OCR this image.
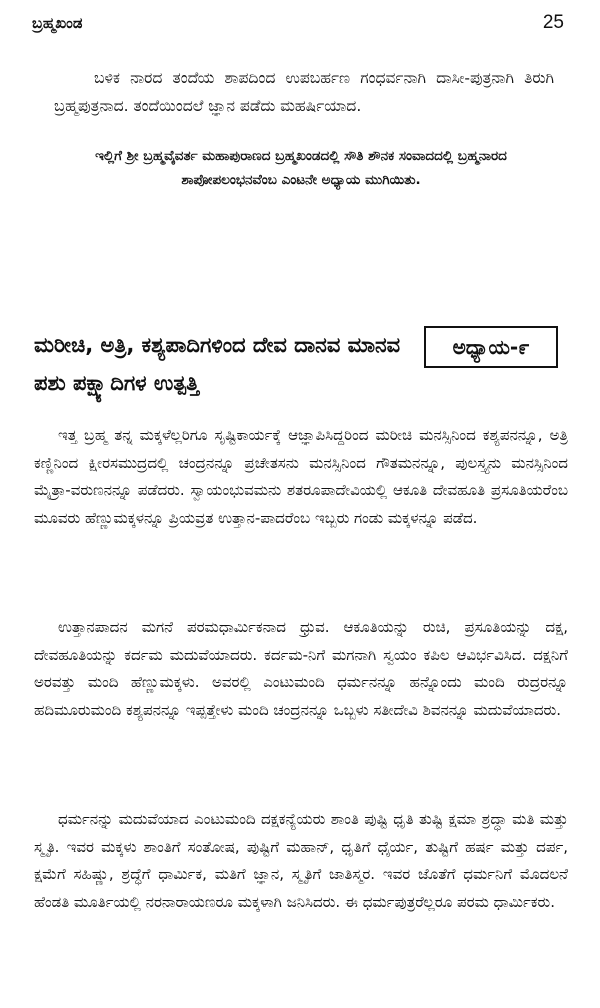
ಬ್ರಹ್ಮಖಂಡ	25

ಬಳಿಕ ನಾರದ ತಂದೆಯ ಶಾಪದಿಂದ ಉಪಬರ್ಹಣ ಗಂಧರ್ವನಾಗಿ ದಾಸೀ-ಪುತ್ರನಾಗಿ ತಿರುಗಿ ಬ್ರಹ್ಮಪುತ್ರನಾದ. ತಂದೆಯಿಂದಲೆ ಜ್ಞಾನ ಪಡೆದು ಮಹರ್ಷಿಯಾದ.

ಇಲ್ಲಿಗೆ ಶ್ರೀ ಬ್ರಹ್ಮವೈವರ್ತ ಮಹಾಪುರಾಣದ ಬ್ರಹ್ಮಖಂಡದಲ್ಲಿ ಸೌತಿ ಶೌನಕ ಸಂವಾದದಲ್ಲಿ ಬ್ರಹ್ಮನಾರದ ಶಾಪೋಪಲಂಭನವೆಂಬ ಎಂಟನೇ ಅಧ್ಯಾಯ ಮುಗಿಯಿತು.

ಮರೀಚಿ, ಅತ್ರಿ, ಕಶ್ಯಪಾದಿಗಳಿಂದ ದೇವ ದಾನವ ಮಾನವ ಪಶು ಪಕ್ಷ್ಯಾದಿಗಳ ಉತ್ಪತ್ತಿ
ಅಧ್ಯಾಯ-೯

ಇತ್ತ ಬ್ರಹ್ಮ ತನ್ನ ಮಕ್ಕಳೆಲ್ಲರಿಗೂ ಸೃಷ್ಟಿಕಾರ್ಯಕ್ಕೆ ಆಜ್ಞಾಪಿಸಿದ್ದರಿಂದ ಮರೀಚಿ ಮನಸ್ಸಿನಿಂದ ಕಶ್ಯಪನನ್ನೂ, ಅತ್ರಿ ಕಣ್ಣಿನಿಂದ ಕ್ಷೀರಸಮುದ್ರದಲ್ಲಿ ಚಂದ್ರನನ್ನೂ ಪ್ರಚೇತಸನು ಮನಸ್ಸಿನಿಂದ ಗೌತಮನನ್ನೂ, ಪುಲಸ್ತ್ಯನು ಮನಸ್ಸಿನಿಂದ ಮೈತ್ರಾ-ವರುಣನನ್ನೂ ಪಡೆದರು. ಸ್ವಾಯಂಭುವಮನು ಶತರೂಪಾದೇವಿಯಲ್ಲಿ ಆಕೂತಿ ದೇವಹೂತಿ ಪ್ರಸೂತಿಯರೆಂಬ ಮೂವರು ಹೆಣ್ಣುಮಕ್ಕಳನ್ನೂ ಪ್ರಿಯವ್ರತ ಉತ್ತಾನ-ಪಾದರೆಂಬ ಇಬ್ಬರು ಗಂಡು ಮಕ್ಕಳನ್ನೂ ಪಡೆದ.

ಉತ್ತಾನಪಾದನ ಮಗನೆ ಪರಮಧಾರ್ಮಿಕನಾದ ಧ್ರುವ. ಆಕೂತಿಯನ್ನು ರುಚಿ, ಪ್ರಸೂತಿಯನ್ನು ದಕ್ಷ, ದೇವಹೂತಿಯನ್ನು ಕರ್ದಮ ಮದುವೆಯಾದರು. ಕರ್ದಮ-ನಿಗೆ ಮಗನಾಗಿ ಸ್ವಯಂ ಕಪಿಲ ಆವಿರ್ಭವಿಸಿದ. ದಕ್ಷನಿಗೆ ಅರವತ್ತು ಮಂದಿ ಹೆಣ್ಣುಮಕ್ಕಳು. ಅವರಲ್ಲಿ ಎಂಟುಮಂದಿ ಧರ್ಮನನ್ನೂ ಹನ್ನೊಂದು ಮಂದಿ ರುದ್ರರನ್ನೂ ಹದಿಮೂರುಮಂದಿ ಕಶ್ಯಪನನ್ನೂ ಇಪ್ಪತ್ತೇಳು ಮಂದಿ ಚಂದ್ರನನ್ನೂ ಒಬ್ಬಳು ಸತೀದೇವಿ ಶಿವನನ್ನೂ ಮದುವೆಯಾದರು.

ಧರ್ಮನನ್ನು ಮದುವೆಯಾದ ಎಂಟುಮಂದಿ ದಕ್ಷಕನ್ಯೆಯರು ಶಾಂತಿ ಪುಷ್ಟಿ ಧೃತಿ ತುಷ್ಟಿ ಕ್ಷಮಾ ಶ್ರದ್ಧಾ ಮತಿ ಮತ್ತು ಸ್ಮೃತಿ. ಇವರ ಮಕ್ಕಳು ಶಾಂತಿಗೆ ಸಂತೋಷ, ಪುಷ್ಟಿಗೆ ಮಹಾನ್, ಧೃತಿಗೆ ಧೈರ್ಯ, ತುಷ್ಟಿಗೆ ಹರ್ಷ ಮತ್ತು ದರ್ಪ, ಕ್ಷಮೆಗೆ ಸಹಿಷ್ಣು, ಶ್ರದ್ಧೆಗೆ ಧಾರ್ಮಿಕ, ಮತಿಗೆ ಜ್ಞಾನ, ಸ್ಮೃತಿಗೆ ಜಾತಿಸ್ಮರ. ಇವರ ಜೊತೆಗೆ ಧರ್ಮನಿಗೆ ಮೊದಲನೆ ಹೆಂಡತಿ ಮೂರ್ತಿಯಲ್ಲಿ ನರನಾರಾಯಣರೂ ಮಕ್ಕಳಾಗಿ ಜನಿಸಿದರು. ಈ ಧರ್ಮಪುತ್ರರೆಲ್ಲರೂ ಪರಮ ಧಾರ್ಮಿಕರು.
